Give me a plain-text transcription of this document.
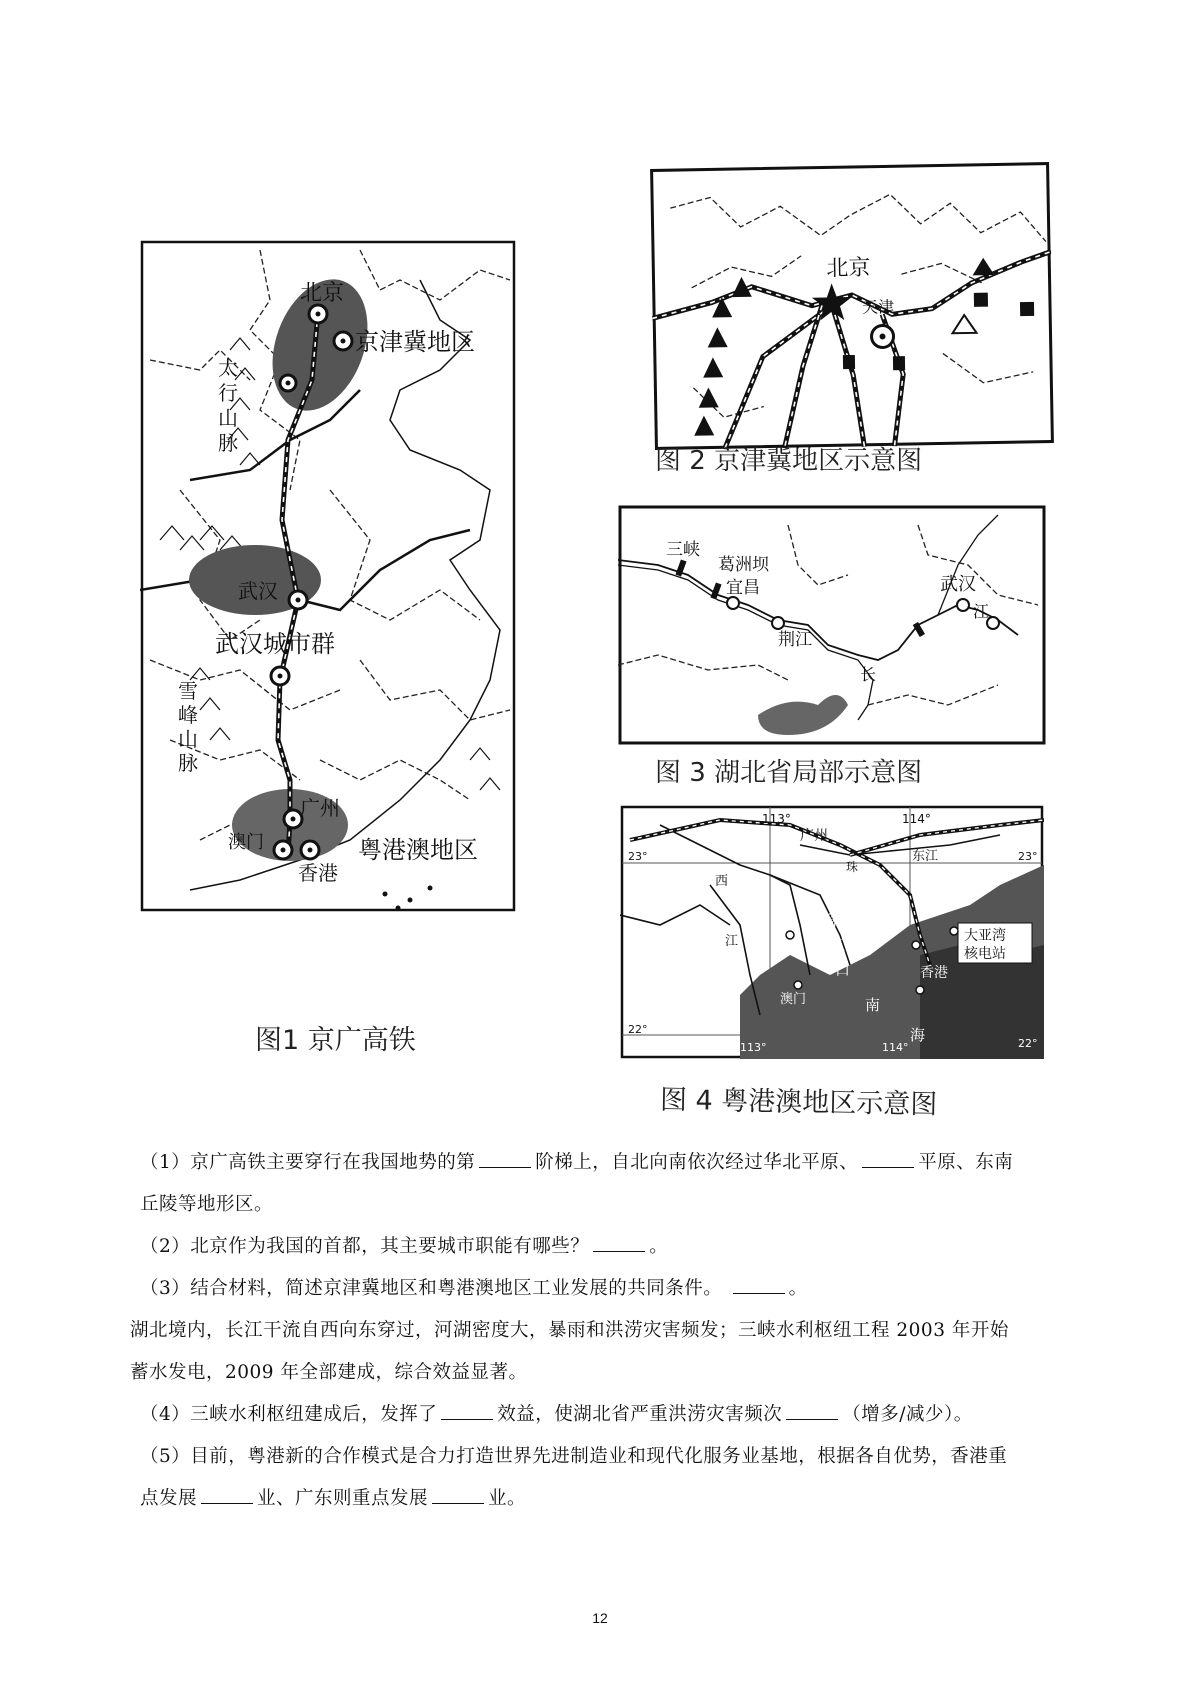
北京
京津冀地区
太
行
山
脉
武汉
武汉城市群
雪
峰
山
脉
广州
澳门
香港
粤港澳地区
图1 京广高铁
北京
天津
图 2 京津冀地区示意图
三峡
葛洲坝
宜昌
荆江
武汉
长
江
图 3 湖北省局部示意图
113°	114°
广州
东江
珠
西
江
23°	23°
珠
江
口
大亚湾
核电站
澳门
香港
南
海
22°
22°
113°	114°
图 4 粤港澳地区示意图

（1）京广高铁主要穿行在我国地势的第	阶梯上，自北向南依次经过华北平原、	平原、东南

丘陵等地形区。

（2）北京作为我国的首都，其主要城市职能有哪些？	。

（3）结合材料，简述京津冀地区和粤港澳地区工业发展的共同条件。	。

湖北境内，长江干流自西向东穿过，河湖密度大，暴雨和洪涝灾害频发；三峡水利枢纽工程 2003 年开始

蓄水发电，2009 年全部建成，综合效益显著。

（4）三峡水利枢纽建成后，发挥了	效益，使湖北省严重洪涝灾害频次	（增多/减少）。

（5）目前，粤港新的合作模式是合力打造世界先进制造业和现代化服务业基地，根据各自优势，香港重

点发展	业、广东则重点发展	业。

12
